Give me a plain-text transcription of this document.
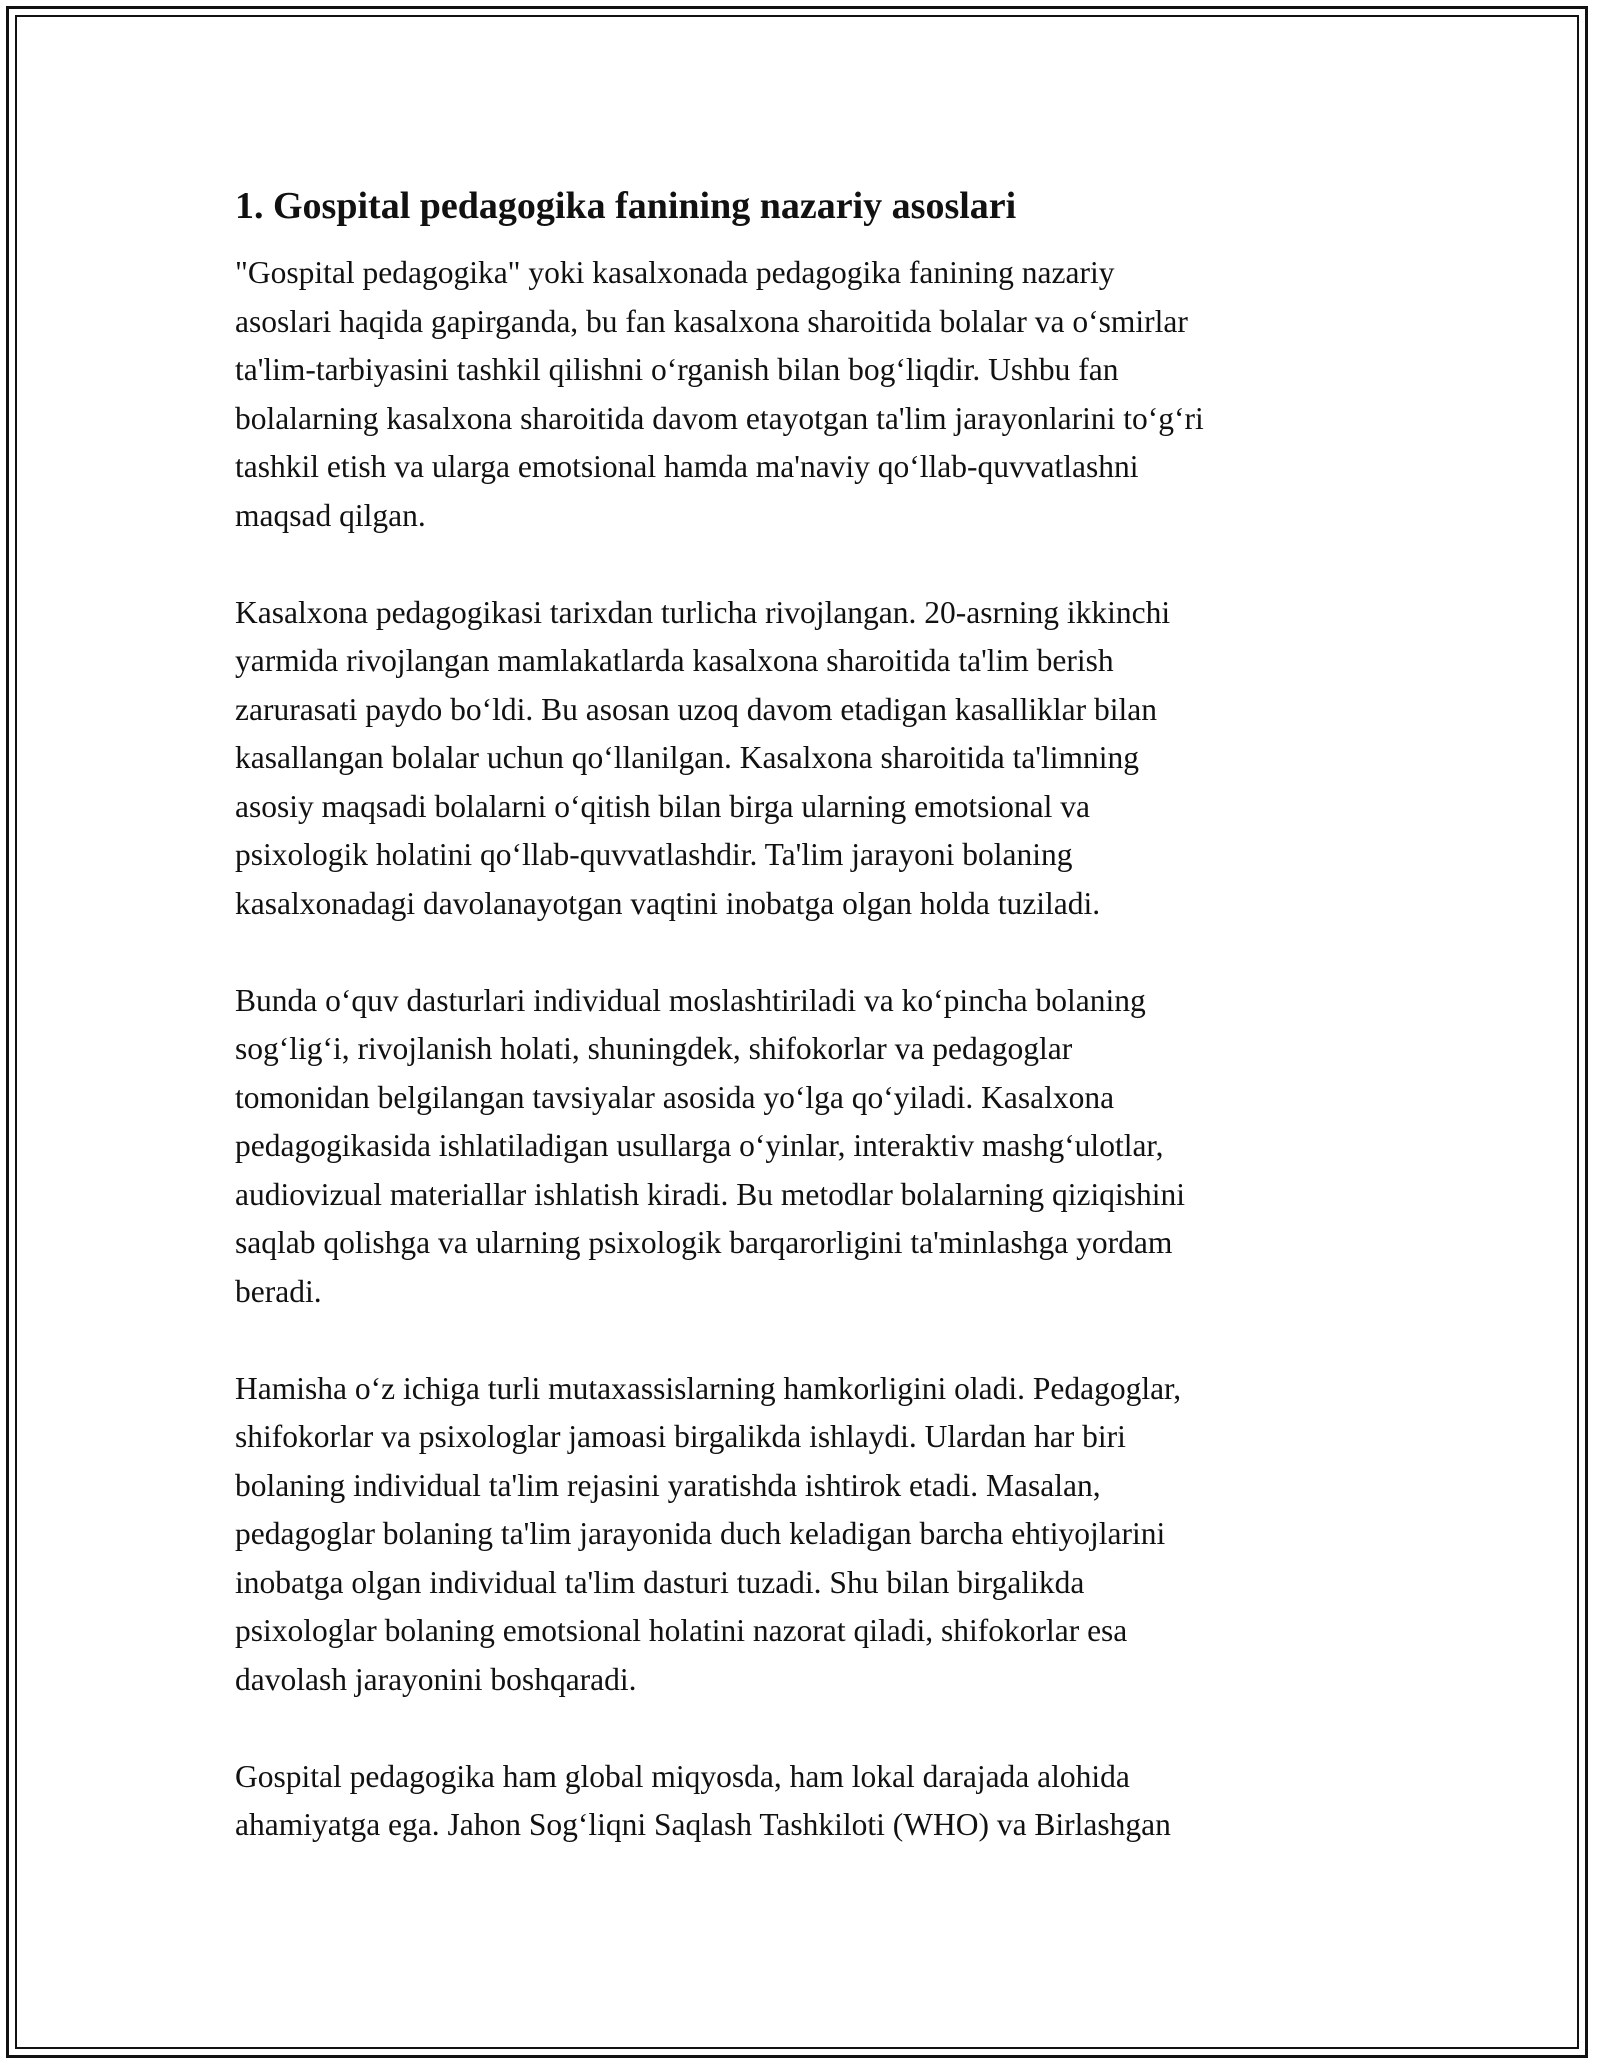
1. Gospital pedagogika fanining nazariy asoslari

"Gospital pedagogika" yoki kasalxonada pedagogika fanining nazariy
asoslari haqida gapirganda, bu fan kasalxona sharoitida bolalar va o‘smirlar
ta'lim-tarbiyasini tashkil qilishni o‘rganish bilan bog‘liqdir. Ushbu fan
bolalarning kasalxona sharoitida davom etayotgan ta'lim jarayonlarini to‘g‘ri
tashkil etish va ularga emotsional hamda ma'naviy qo‘llab-quvvatlashni
maqsad qilgan.

Kasalxona pedagogikasi tarixdan turlicha rivojlangan. 20-asrning ikkinchi
yarmida rivojlangan mamlakatlarda kasalxona sharoitida ta'lim berish
zarurasati paydo bo‘ldi. Bu asosan uzoq davom etadigan kasalliklar bilan
kasallangan bolalar uchun qo‘llanilgan. Kasalxona sharoitida ta'limning
asosiy maqsadi bolalarni o‘qitish bilan birga ularning emotsional va
psixologik holatini qo‘llab-quvvatlashdir. Ta'lim jarayoni bolaning
kasalxonadagi davolanayotgan vaqtini inobatga olgan holda tuziladi.

Bunda o‘quv dasturlari individual moslashtiriladi va ko‘pincha bolaning
sog‘lig‘i, rivojlanish holati, shuningdek, shifokorlar va pedagoglar
tomonidan belgilangan tavsiyalar asosida yo‘lga qo‘yiladi. Kasalxona
pedagogikasida ishlatiladigan usullarga o‘yinlar, interaktiv mashg‘ulotlar,
audiovizual materiallar ishlatish kiradi. Bu metodlar bolalarning qiziqishini
saqlab qolishga va ularning psixologik barqarorligini ta'minlashga yordam
beradi.

Hamisha o‘z ichiga turli mutaxassislarning hamkorligini oladi. Pedagoglar,
shifokorlar va psixologlar jamoasi birgalikda ishlaydi. Ulardan har biri
bolaning individual ta'lim rejasini yaratishda ishtirok etadi. Masalan,
pedagoglar bolaning ta'lim jarayonida duch keladigan barcha ehtiyojlarini
inobatga olgan individual ta'lim dasturi tuzadi. Shu bilan birgalikda
psixologlar bolaning emotsional holatini nazorat qiladi, shifokorlar esa
davolash jarayonini boshqaradi.

Gospital pedagogika ham global miqyosda, ham lokal darajada alohida
ahamiyatga ega. Jahon Sog‘liqni Saqlash Tashkiloti (WHO) va Birlashgan
